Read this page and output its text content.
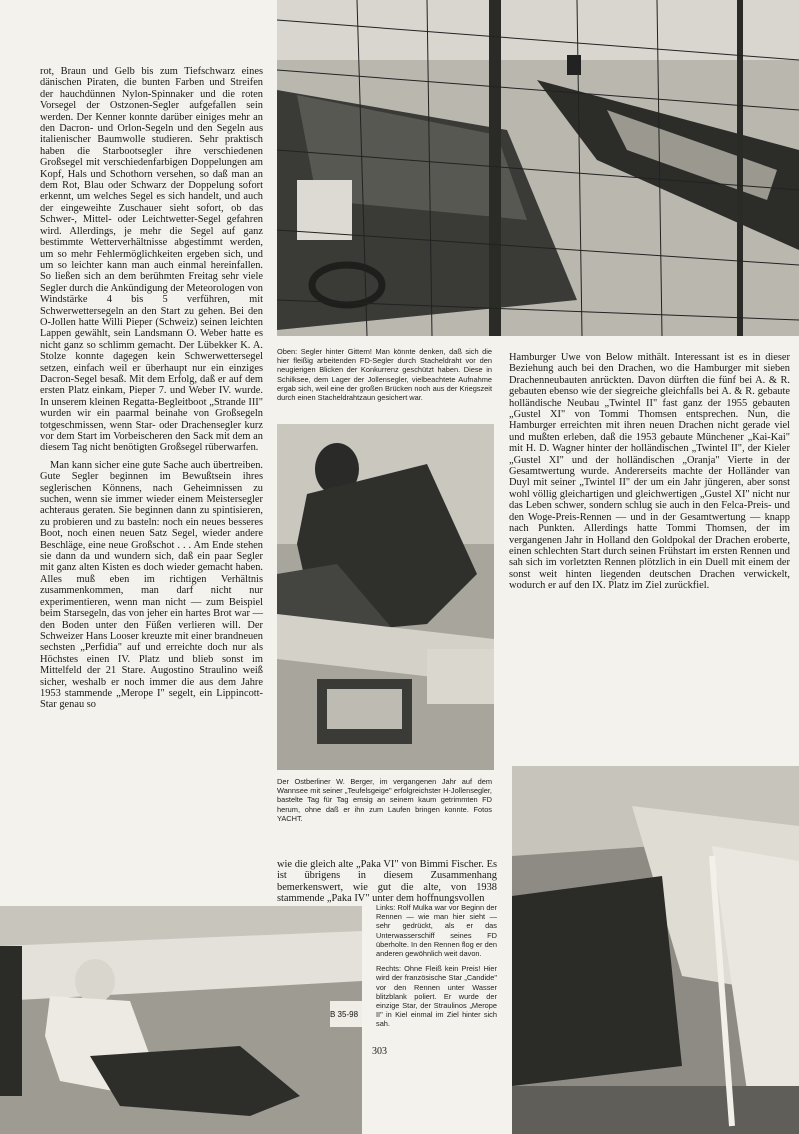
B 35-98

rot, Braun und Gelb bis zum Tiefschwarz eines dänischen Piraten, die bunten Farben und Streifen der hauchdünnen Nylon-Spinnaker und die roten Vorsegel der Ostzonen-Segler aufgefallen sein werden. Der Kenner konnte darüber einiges mehr an den Dacron- und Orlon-Segeln und den Segeln aus italienischer Baumwolle studieren. Sehr praktisch haben die Starbootsegler ihre verschiedenen Großsegel mit verschiedenfarbigen Doppelungen am Kopf, Hals und Schothorn versehen, so daß man an dem Rot, Blau oder Schwarz der Doppelung sofort erkennt, um welches Segel es sich handelt, und auch der eingeweihte Zuschauer sieht sofort, ob das Schwer-, Mittel- oder Leichtwetter-Segel gefahren wird. Allerdings, je mehr die Segel auf ganz bestimmte Wetterverhältnisse abgestimmt werden, um so mehr Fehlermöglichkeiten ergeben sich, und um so leichter kann man auch einmal hereinfallen. So ließen sich an dem berühmten Freitag sehr viele Segler durch die Ankündigung der Meteorologen von Windstärke 4 bis 5 verführen, mit Schwerwettersegeln an den Start zu gehen. Bei den O-Jollen hatte Willi Pieper (Schweiz) seinen leichten Lappen gewählt, sein Landsmann O. Weber hatte es nicht ganz so schlimm gemacht. Der Lübekker K. A. Stolze konnte dagegen kein Schwerwettersegel setzen, einfach weil er überhaupt nur ein einziges Dacron-Segel besaß. Mit dem Erfolg, daß er auf dem ersten Platz einkam, Pieper 7. und Weber IV. wurde. In unserem kleinen Regatta-Begleitboot „Strande III" wurden wir ein paarmal beinahe von Großsegeln totgeschmissen, wenn Star- oder Drachensegler kurz vor dem Start im Vorbeischeren den Sack mit dem an diesem Tag nicht benötigten Großsegel rüberwarfen.

Man kann sicher eine gute Sache auch übertreiben. Gute Segler beginnen im Bewußtsein ihres seglerischen Könnens, nach Geheimnissen zu suchen, wenn sie immer wieder einem Meistersegler achteraus geraten. Sie beginnen dann zu spintisieren, zu probieren und zu basteln: noch ein neues besseres Boot, noch einen neuen Satz Segel, wieder andere Beschläge, eine neue Großschot . . . Am Ende stehen sie dann da und wundern sich, daß ein paar Segler mit ganz alten Kisten es doch wieder gemacht haben. Alles muß eben im richtigen Verhältnis zusammenkommen, man darf nicht nur experimentieren, wenn man nicht — zum Beispiel beim Starsegeln, das von jeher ein hartes Brot war — den Boden unter den Füßen verlieren will. Der Schweizer Hans Looser kreuzte mit einer brandneuen sechsten „Perfidia" auf und erreichte doch nur als Höchstes einen IV. Platz und blieb sonst im Mittelfeld der 21 Stare. Augostino Straulino weiß sicher, weshalb er noch immer die aus dem Jahre 1953 stammende „Merope I" segelt, ein Lippincott-Star genau so

Oben: Segler hinter Gittern! Man könnte denken, daß sich die hier fleißig arbeitenden FD-Segler durch Stacheldraht vor den neugierigen Blicken der Konkurrenz geschützt haben. Diese in Schilksee, dem Lager der Jollensegler, vielbeachtete Aufnahme ergab sich, weil eine der großen Brücken noch aus der Kriegszeit durch einen Stacheldrahtzaun gesichert war.

Der Ostberliner W. Berger, im vergangenen Jahr auf dem Wannsee mit seiner „Teufelsgeige" erfolgreichster H-Jollensegler, bastelte Tag für Tag emsig an seinem kaum getrimmten FD herum, ohne daß er ihn zum Laufen bringen konnte. Fotos YACHT.

wie die gleich alte „Paka VI" von Bimmi Fischer. Es ist übrigens in diesem Zusammenhang bemerkenswert, wie gut die alte, von 1938 stammende „Paka IV" unter dem hoffnungsvollen

Links: Rolf Mulka war vor Beginn der Rennen — wie man hier sieht — sehr gedrückt, als er das Unterwasserschiff seines FD überholte. In den Rennen flog er den anderen gewöhnlich weit davon.

Rechts: Ohne Fleiß kein Preis! Hier wird der französische Star „Candide" vor den Rennen unter Wasser blitzblank poliert. Er wurde der einzige Star, der Straulinos „Merope II" in Kiel einmal im Ziel hinter sich sah.

Hamburger Uwe von Below mithält. Interessant ist es in dieser Beziehung auch bei den Drachen, wo die Hamburger mit sieben Drachenneubauten anrückten. Davon dürften die fünf bei A. & R. gebauten ebenso wie der siegreiche gleichfalls bei A. & R. gebaute holländische Neubau „Twintel II" fast ganz der 1955 gebauten „Gustel XI" von Tommi Thomsen entsprechen. Nun, die Hamburger erreichten mit ihren neuen Drachen nicht gerade viel und mußten erleben, daß die 1953 gebaute Münchener „Kai-Kai" mit H. D. Wagner hinter der holländischen „Twintel II", der Kieler „Gustel XI" und der holländischen „Oranja" Vierte in der Gesamtwertung wurde. Andererseits machte der Holländer van Duyl mit seiner „Twintel II" der um ein Jahr jüngeren, aber sonst wohl völlig gleichartigen und gleichwertigen „Gustel XI" nicht nur das Leben schwer, sondern schlug sie auch in den Felca-Preis- und den Woge-Preis-Rennen — und in der Gesamtwertung — knapp nach Punkten. Allerdings hatte Tommi Thomsen, der im vergangenen Jahr in Holland den Goldpokal der Drachen eroberte, einen schlechten Start durch seinen Frühstart im ersten Rennen und sah sich im vorletzten Rennen plötzlich in ein Duell mit einem der sonst weit hinten liegenden deutschen Drachen verwickelt, wodurch er auf den IX. Platz im Ziel zurückfiel.

303
